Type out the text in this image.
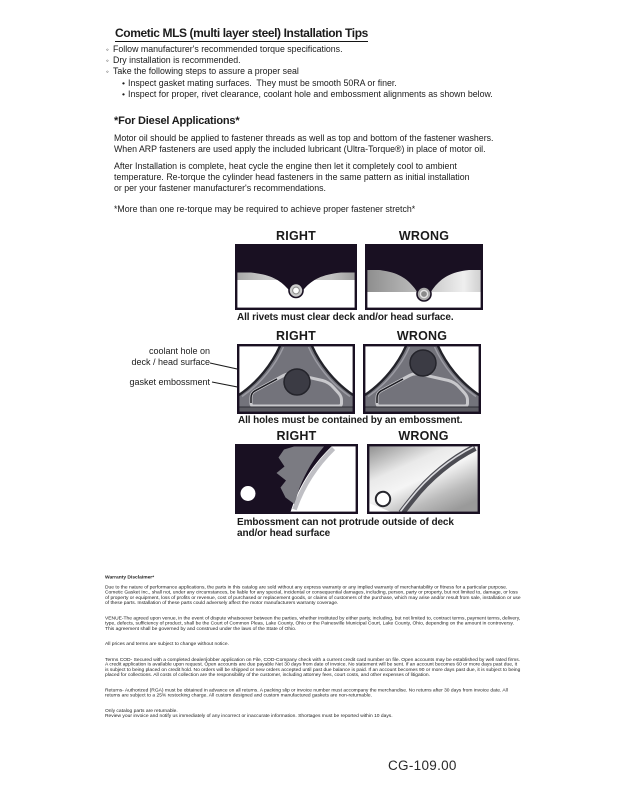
Cometic MLS (multi layer steel) Installation Tips
◦ Follow manufacturer's recommended torque specifications.
◦ Dry installation is recommended.
◦ Take the following steps to assure a proper seal
• Inspect gasket mating surfaces.  They must be smooth 50RA or finer.
• Inspect for proper, rivet clearance, coolant hole and embossment alignments as shown below.
*For Diesel Applications*
Motor oil should be applied to fastener threads as well as top and bottom of the fastener washers.
When ARP fasteners are used apply the included lubricant (Ultra-Torque®) in place of motor oil.
After Installation is complete, heat cycle the engine then let it completely cool to ambient
temperature. Re-torque the cylinder head fasteners in the same pattern as initial installation
or per your fastener manufacturer's recommendations.
*More than one re-torque may be required to achieve proper fastener stretch*
RIGHT	WRONG
All rivets must clear deck and/or head surface.
coolant hole on
deck / head surface
gasket embossment
RIGHT	WRONG
All holes must be contained by an embossment.
RIGHT	WRONG
Embossment can not protrude outside of deck
and/or head surface
Warranty Disclaimer*

Due to the nature of performance applications, the parts in this catalog are sold without any express warranty or any implied warranty of merchantability or fitness for a particular purpose. Cometic Gasket Inc., shall not, under any circumstances, be liable for any special, incidental or consequential damages, including, person, party or property, but not limited to, damage, or loss of property or equipment, loss of profits or revenue, cost of purchased or replacement goods, or claims of customers of the purchase, which may arise and/or result from sale, installation or use of these parts. Installation of these parts could adversely affect the motor manufacturers warranty coverage.

VENUE-The agreed upon venue, in the event of dispute whatsoever between the parties, whether instituted by either party, including, but not limited to, contract terms, payment terms, delivery, type, defects, sufficiency of product, shall be the Court of Common Pleas, Lake County, Ohio or the Painesville Municipal Court, Lake County, Ohio, depending on the amount in controversy.
This agreement shall be governed by and construed under the laws of the State of Ohio.

All prices and terms are subject to change without notice.

Terms COD- Secured with a completed dealer/jobber application on File, COD-Company check with a current credit card number on file. Open accounts may be established by well rated firms. A credit application is available upon request. Open accounts are due payable Net 30 days from date of invoice. No statement will be sent. If an account becomes 60 or more days past due, it is subject to being placed on credit hold. No orders will be shipped or new orders accepted until past due balance is paid. If an account becomes 90 or more days past due, it is subject to being placed for collections. All costs of collection are the responsibility of the customer, including attorney fees, court costs, and other expenses of litigation.

Returns- Authorized (RGA) must be obtained in advance on all returns. A packing slip or invoice number must accompany the merchandise. No returns after 30 days from invoice date. All returns are subject to a 25% restocking charge. All custom designed and custom manufactured gaskets are non-returnable.

Only catalog parts are returnable.
Review your invoice and notify us immediately of any incorrect or inaccurate information. Shortages must be reported within 10 days.

CG-109.00
